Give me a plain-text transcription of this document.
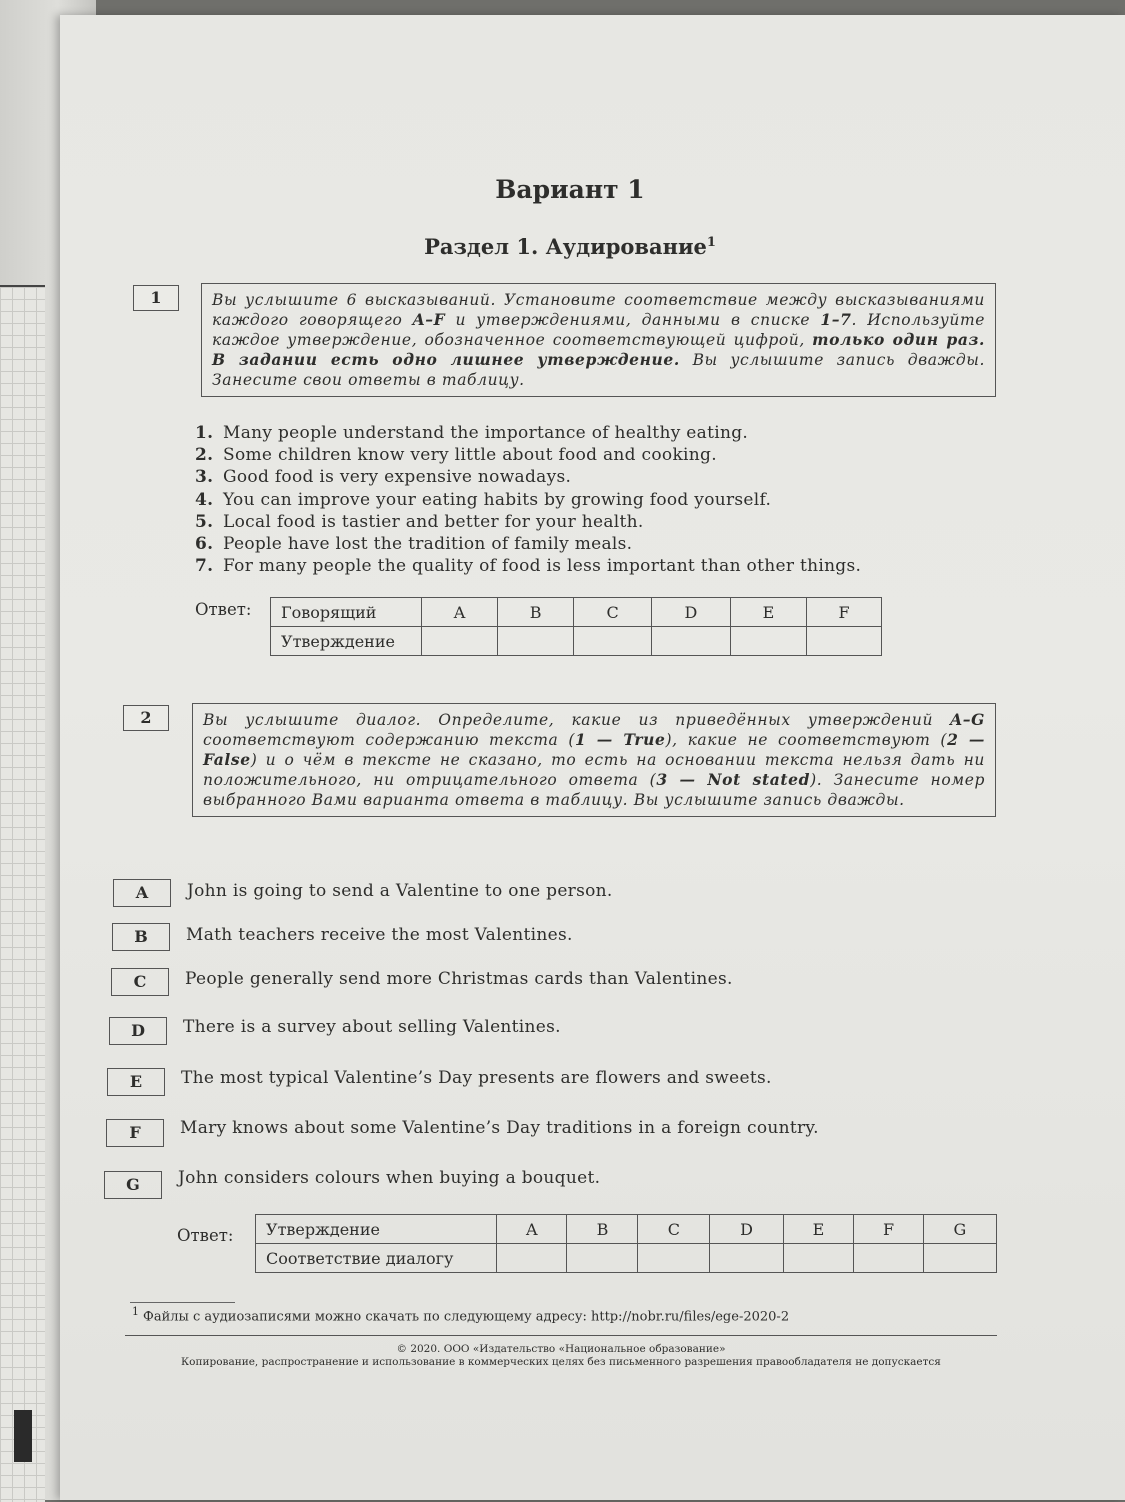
Вариант 1
Раздел 1. Аудирование$^1$
1	Вы услышите 6 высказываний. Установите соответствие между высказываниями каждого говорящего A–F и утверждениями, данными в списке 1–7. Используйте каждое утверждение, обозначенное соответствующей цифрой, только один раз. В задании есть одно лишнее утверждение. Вы услышите запись дважды. Занесите свои ответы в таблицу.
1. Many people understand the importance of healthy eating.
2. Some children know very little about food and cooking.
3. Good food is very expensive nowadays.
4. You can improve your eating habits by growing food yourself.
5. Local food is tastier and better for your health.
6. People have lost the tradition of family meals.
7. For many people the quality of food is less important than other things.
Ответ: Говорящий	A	B	C	D	E	F
Утверждение						
2	Вы услышите диалог. Определите, какие из приведённых утверждений A–G соответствуют содержанию текста (1 — True), какие не соответствуют (2 — False) и о чём в тексте не сказано, то есть на основании текста нельзя дать ни положительного, ни отрицательного ответа (3 — Not stated). Занесите номер выбранного Вами варианта ответа в таблицу. Вы услышите запись дважды.
A	John is going to send a Valentine to one person.
B	Math teachers receive the most Valentines.
C	People generally send more Christmas cards than Valentines.
D	There is a survey about selling Valentines.
E	The most typical Valentine’s Day presents are flowers and sweets.
F	Mary knows about some Valentine’s Day traditions in a foreign country.
G	John considers colours when buying a bouquet.
Ответ: Утверждение	A	B	C	D	E	F	G
Соответствие диалогу							
$^1$ Файлы с аудиозаписями можно скачать по следующему адресу: http://nobr.ru/files/ege-2020-2
© 2020. ООО «Издательство «Национальное образование»
Копирование, распространение и использование в коммерческих целях без письменного разрешения правообладателя не допускается
